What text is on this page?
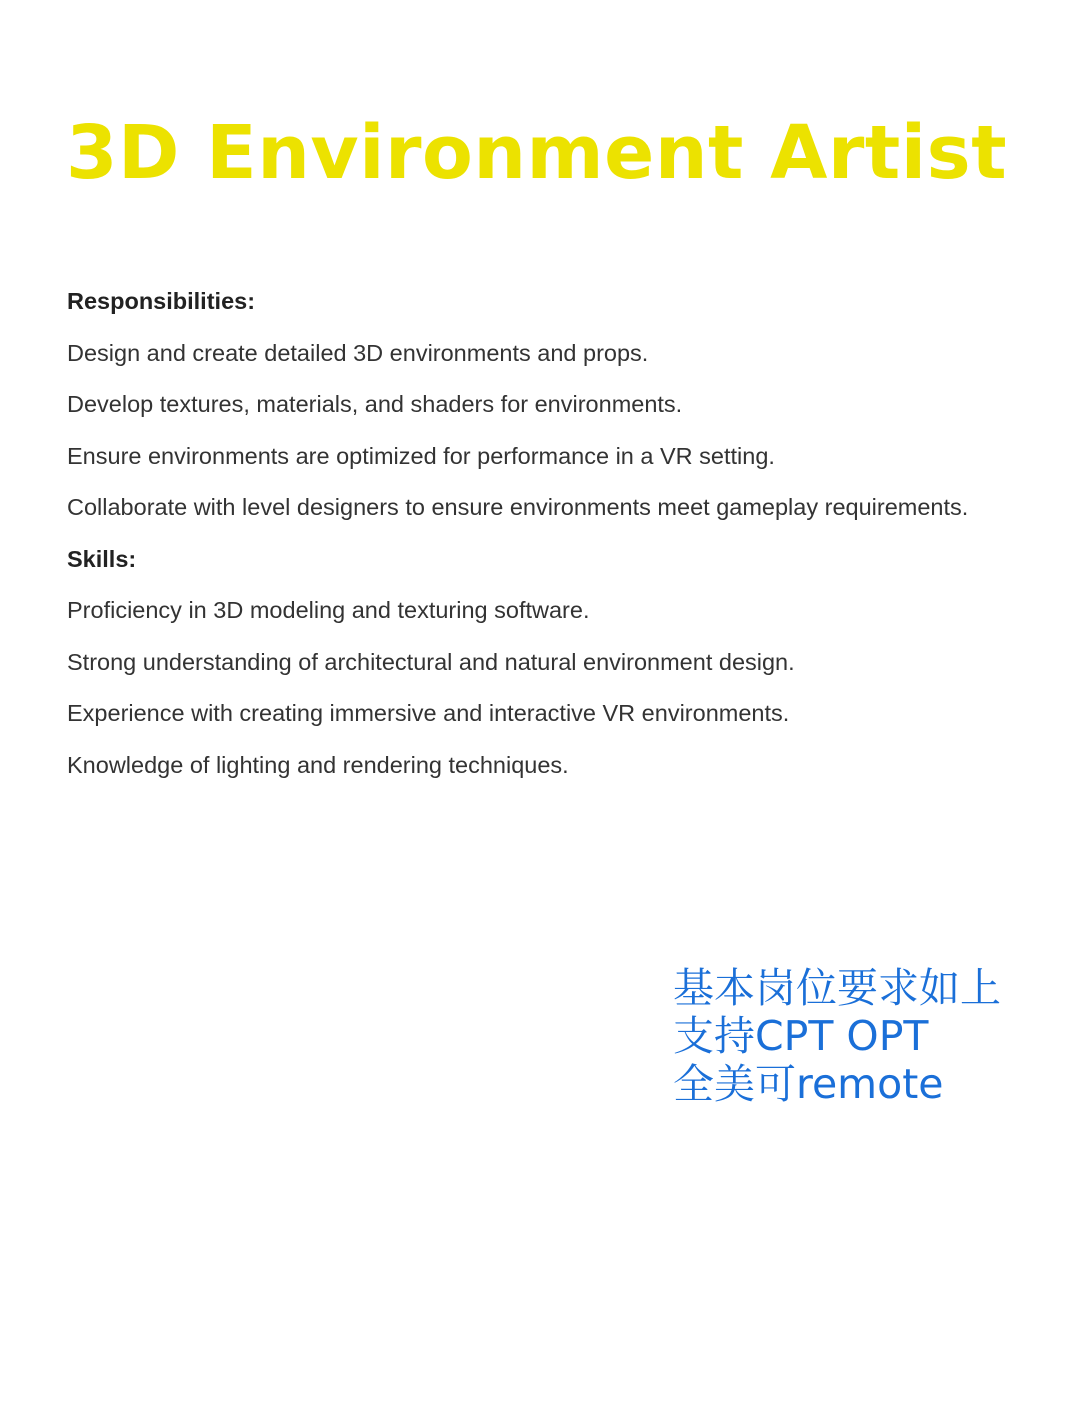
3D Environment Artist

Responsibilities:

Design and create detailed 3D environments and props.

Develop textures, materials, and shaders for environments.

Ensure environments are optimized for performance in a VR setting.

Collaborate with level designers to ensure environments meet gameplay requirements.

Skills:

Proficiency in 3D modeling and texturing software.

Strong understanding of architectural and natural environment design.

Experience with creating immersive and interactive VR environments.

Knowledge of lighting and rendering techniques.

基本岗位要求如上

支持CPT OPT

全美可remote
